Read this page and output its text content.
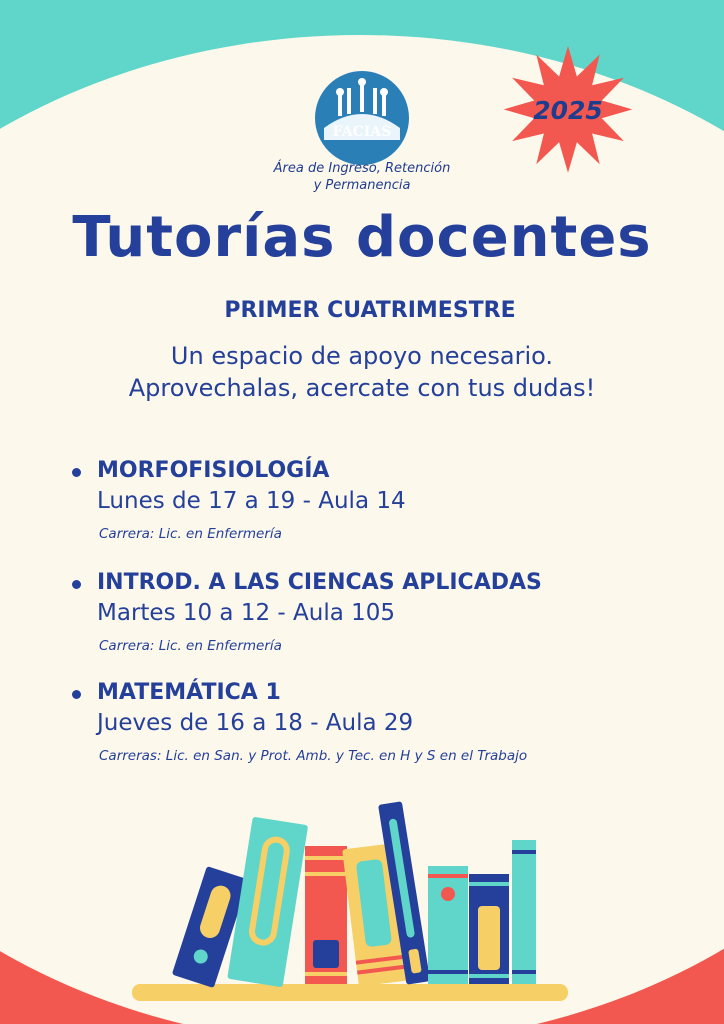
FACIAS
2025
Área de Ingreso, Retención
y Permanencia
Tutorías docentes
PRIMER CUATRIMESTRE
Un espacio de apoyo necesario.
Aprovechalas, acercate con tus dudas!
MORFOFISIOLOGÍA
Lunes de 17 a 19 - Aula 14
Carrera: Lic. en Enfermería
INTROD. A LAS CIENCAS APLICADAS
Martes 10 a 12 - Aula 105
Carrera: Lic. en Enfermería
MATEMÁTICA 1
Jueves de 16 a 18 - Aula 29
Carreras: Lic. en San. y Prot. Amb. y Tec. en H y S en el Trabajo
